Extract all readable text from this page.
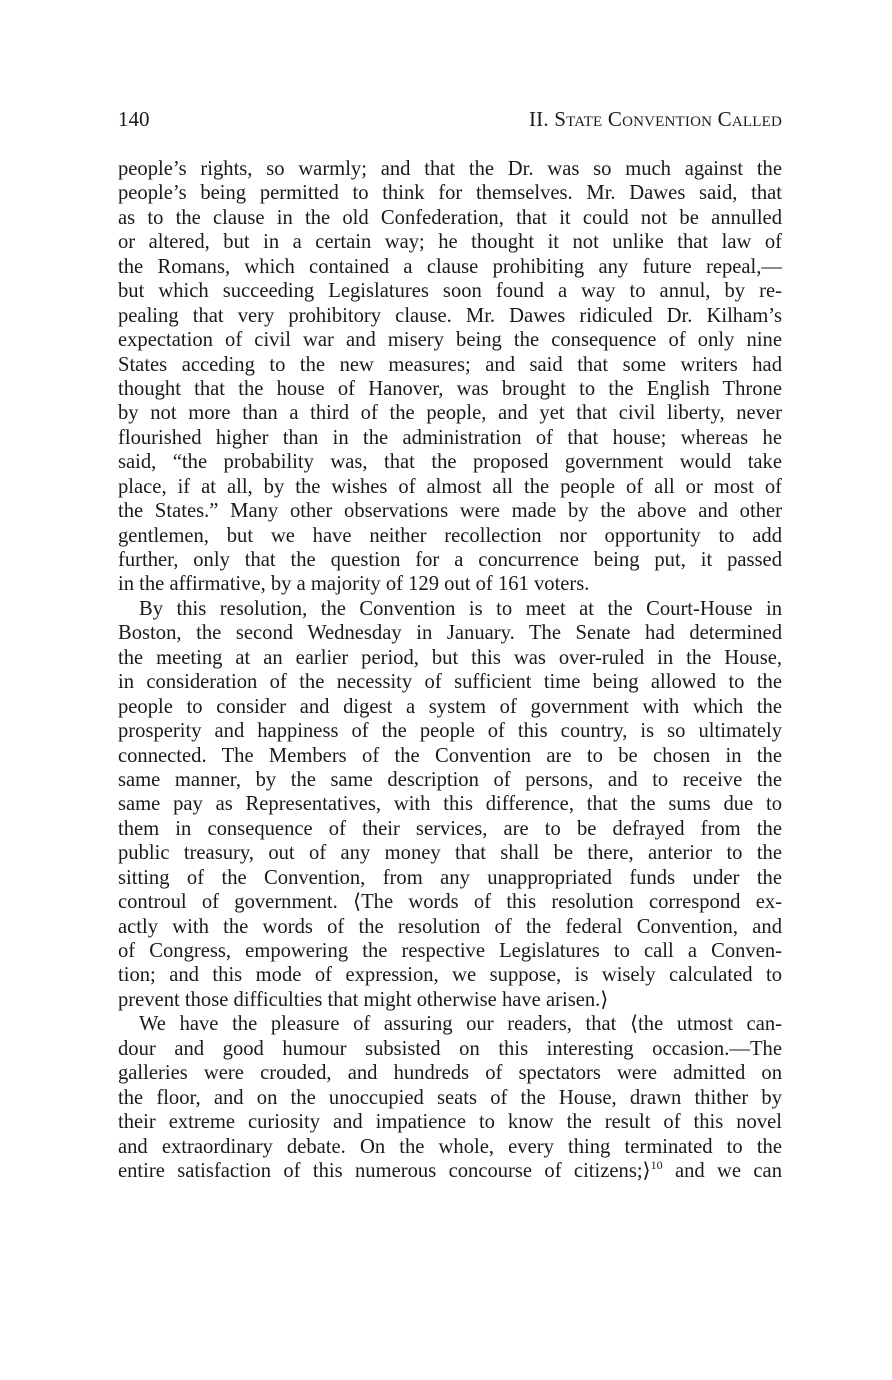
140	II. State Convention Called
people’s rights, so warmly; and that the Dr. was so much against the
people’s being permitted to think for themselves. Mr. Dawes said, that
as to the clause in the old Confederation, that it could not be annulled
or altered, but in a certain way; he thought it not unlike that law of
the Romans, which contained a clause prohibiting any future repeal,—
but which succeeding Legislatures soon found a way to annul, by re-
pealing that very prohibitory clause. Mr. Dawes ridiculed Dr. Kilham’s
expectation of civil war and misery being the consequence of only nine
States acceding to the new measures; and said that some writers had
thought that the house of Hanover, was brought to the English Throne
by not more than a third of the people, and yet that civil liberty, never
flourished higher than in the administration of that house; whereas he
said, “the probability was, that the proposed government would take
place, if at all, by the wishes of almost all the people of all or most of
the States.” Many other observations were made by the above and other
gentlemen, but we have neither recollection nor opportunity to add
further, only that the question for a concurrence being put, it passed
in the affirmative, by a majority of 129 out of 161 voters.
By this resolution, the Convention is to meet at the Court-House in
Boston, the second Wednesday in January. The Senate had determined
the meeting at an earlier period, but this was over-ruled in the House,
in consideration of the necessity of sufficient time being allowed to the
people to consider and digest a system of government with which the
prosperity and happiness of the people of this country, is so ultimately
connected. The Members of the Convention are to be chosen in the
same manner, by the same description of persons, and to receive the
same pay as Representatives, with this difference, that the sums due to
them in consequence of their services, are to be defrayed from the
public treasury, out of any money that shall be there, anterior to the
sitting of the Convention, from any unappropriated funds under the
controul of government. ⟨The words of this resolution correspond ex-
actly with the words of the resolution of the federal Convention, and
of Congress, empowering the respective Legislatures to call a Conven-
tion; and this mode of expression, we suppose, is wisely calculated to
prevent those difficulties that might otherwise have arisen.⟩
We have the pleasure of assuring our readers, that ⟨the utmost can-
dour and good humour subsisted on this interesting occasion.—The
galleries were crouded, and hundreds of spectators were admitted on
the floor, and on the unoccupied seats of the House, drawn thither by
their extreme curiosity and impatience to know the result of this novel
and extraordinary debate. On the whole, every thing terminated to the
entire satisfaction of this numerous concourse of citizens;⟩$^{10}$ and we can
